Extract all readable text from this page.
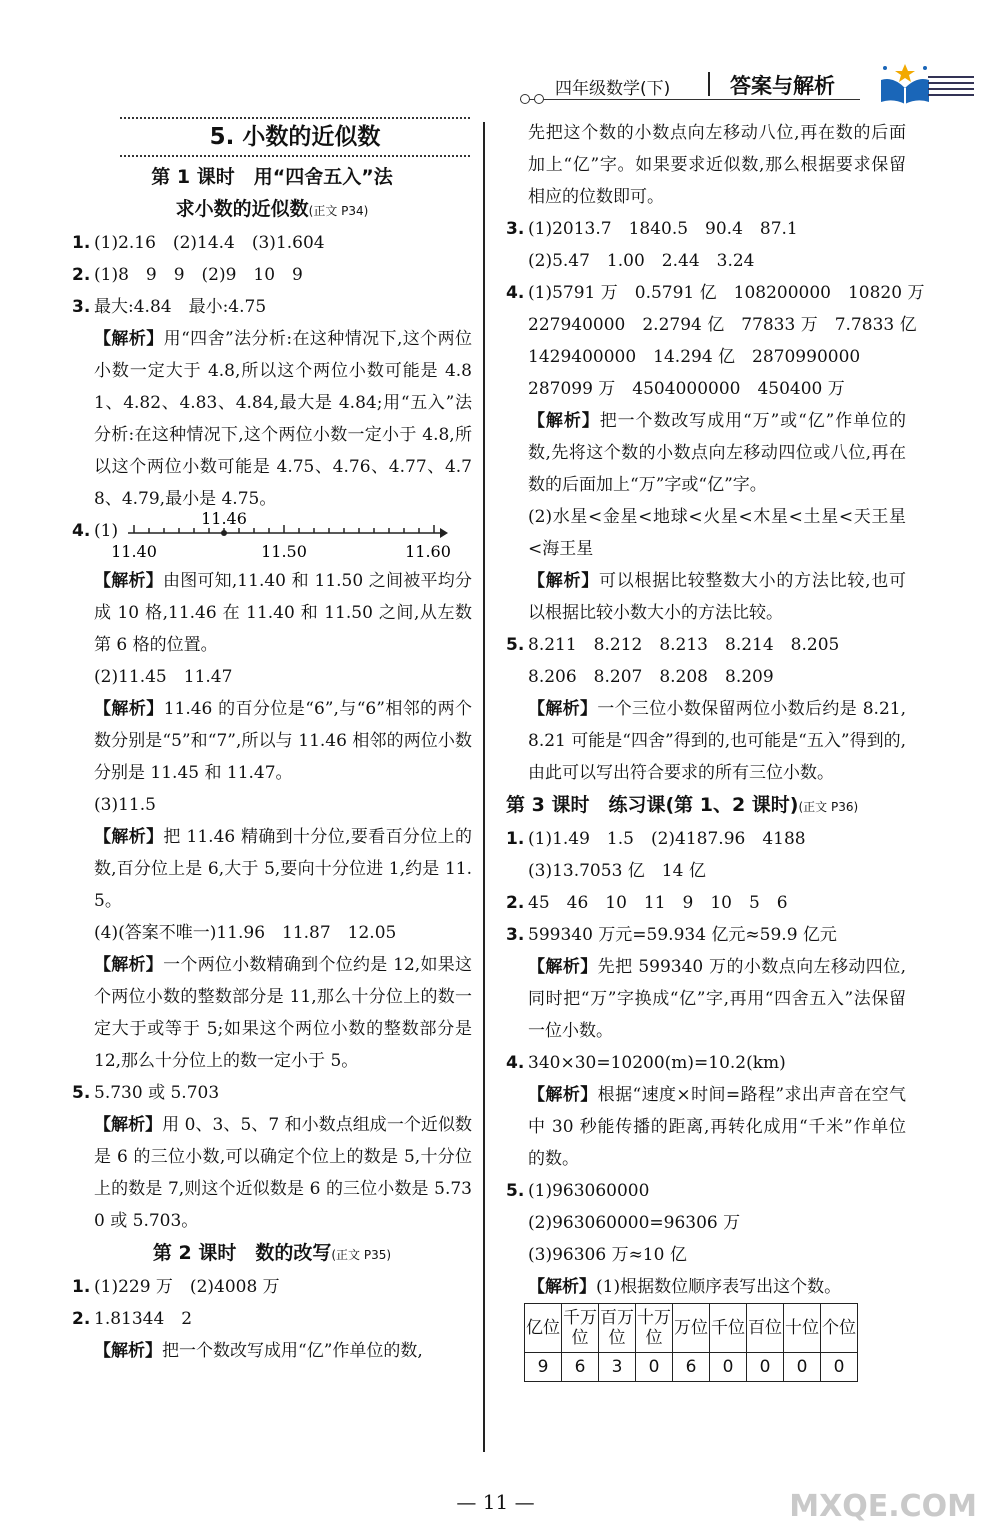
四年级数学(下)	答案与解析
5. 小数的近似数
第 1 课时　用“四舍五入”法
求小数的近似数(正文 P34)
1. (1)2.16　(2)14.4　(3)1.604
2. (1)8　9　9　(2)9　10　9
3. 最大:4.84　最小:4.75
【解析】用“四舍”法分析:在这种情况下,这个两位小数一定大于 4.8,所以这个两位小数可能是 4.81、4.82、4.83、4.84,最大是 4.84;用“五入”法分析:在这种情况下,这个两位小数一定小于 4.8,所以这个两位小数可能是 4.75、4.76、4.77、4.78、4.79,最小是 4.75。
4. (1)
11.46
11.40	11.50	11.60
【解析】由图可知,11.40 和 11.50 之间被平均分成 10 格,11.46 在 11.40 和 11.50 之间,从左数第 6 格的位置。
(2)11.45　11.47
【解析】11.46 的百分位是“6”,与“6”相邻的两个数分别是“5”和“7”,所以与 11.46 相邻的两位小数分别是 11.45 和 11.47。
(3)11.5
【解析】把 11.46 精确到十分位,要看百分位上的数,百分位上是 6,大于 5,要向十分位进 1,约是 11.5。
(4)(答案不唯一)11.96　11.87　12.05
【解析】一个两位小数精确到个位约是 12,如果这个两位小数的整数部分是 11,那么十分位上的数一定大于或等于 5;如果这个两位小数的整数部分是 12,那么十分位上的数一定小于 5。
5. 5.730 或 5.703
【解析】用 0、3、5、7 和小数点组成一个近似数是 6 的三位小数,可以确定个位上的数是 5,十分位上的数是 7,则这个近似数是 6 的三位小数是 5.730 或 5.703。
第 2 课时　数的改写(正文 P35)
1. (1)229 万　(2)4008 万
2. 1.81344　2
【解析】把一个数改写成用“亿”作单位的数,
先把这个数的小数点向左移动八位,再在数的后面加上“亿”字。如果要求近似数,那么根据要求保留相应的位数即可。
3. (1)2013.7　1840.5　90.4　87.1
(2)5.47　1.00　2.44　3.24
4. (1)5791 万　0.5791 亿　108200000　10820 万
227940000　2.2794 亿　77833 万　7.7833 亿
1429400000　14.294 亿　2870990000
287099 万　4504000000　450400 万
【解析】把一个数改写成用“万”或“亿”作单位的数,先将这个数的小数点向左移动四位或八位,再在数的后面加上“万”字或“亿”字。
(2)水星<金星<地球<火星<木星<土星<天王星<海王星
【解析】可以根据比较整数大小的方法比较,也可以根据比较小数大小的方法比较。
5. 8.211　8.212　8.213　8.214　8.205
8.206　8.207　8.208　8.209
【解析】一个三位小数保留两位小数后约是 8.21,8.21 可能是“四舍”得到的,也可能是“五入”得到的,由此可以写出符合要求的所有三位小数。
第 3 课时　练习课(第 1、2 课时)(正文 P36)
1. (1)1.49　1.5　(2)4187.96　4188
(3)13.7053 亿　14 亿
2. 45　46　10　11　9　10　5　6
3. 599340 万元=59.934 亿元≈59.9 亿元
【解析】先把 599340 万的小数点向左移动四位,同时把“万”字换成“亿”字,再用“四舍五入”法保留一位小数。
4. 340×30=10200(m)=10.2(km)
【解析】根据“速度×时间=路程”求出声音在空气中 30 秒能传播的距离,再转化成用“千米”作单位的数。
5. (1)963060000
(2)963060000=96306 万
(3)96306 万≈10 亿
【解析】(1)根据数位顺序表写出这个数。
亿位	千万位	百万位	十万位	万位	千位	百位	十位	个位
9	6	3	0	6	0	0	0	0
— 11 —	MXQE.COM
